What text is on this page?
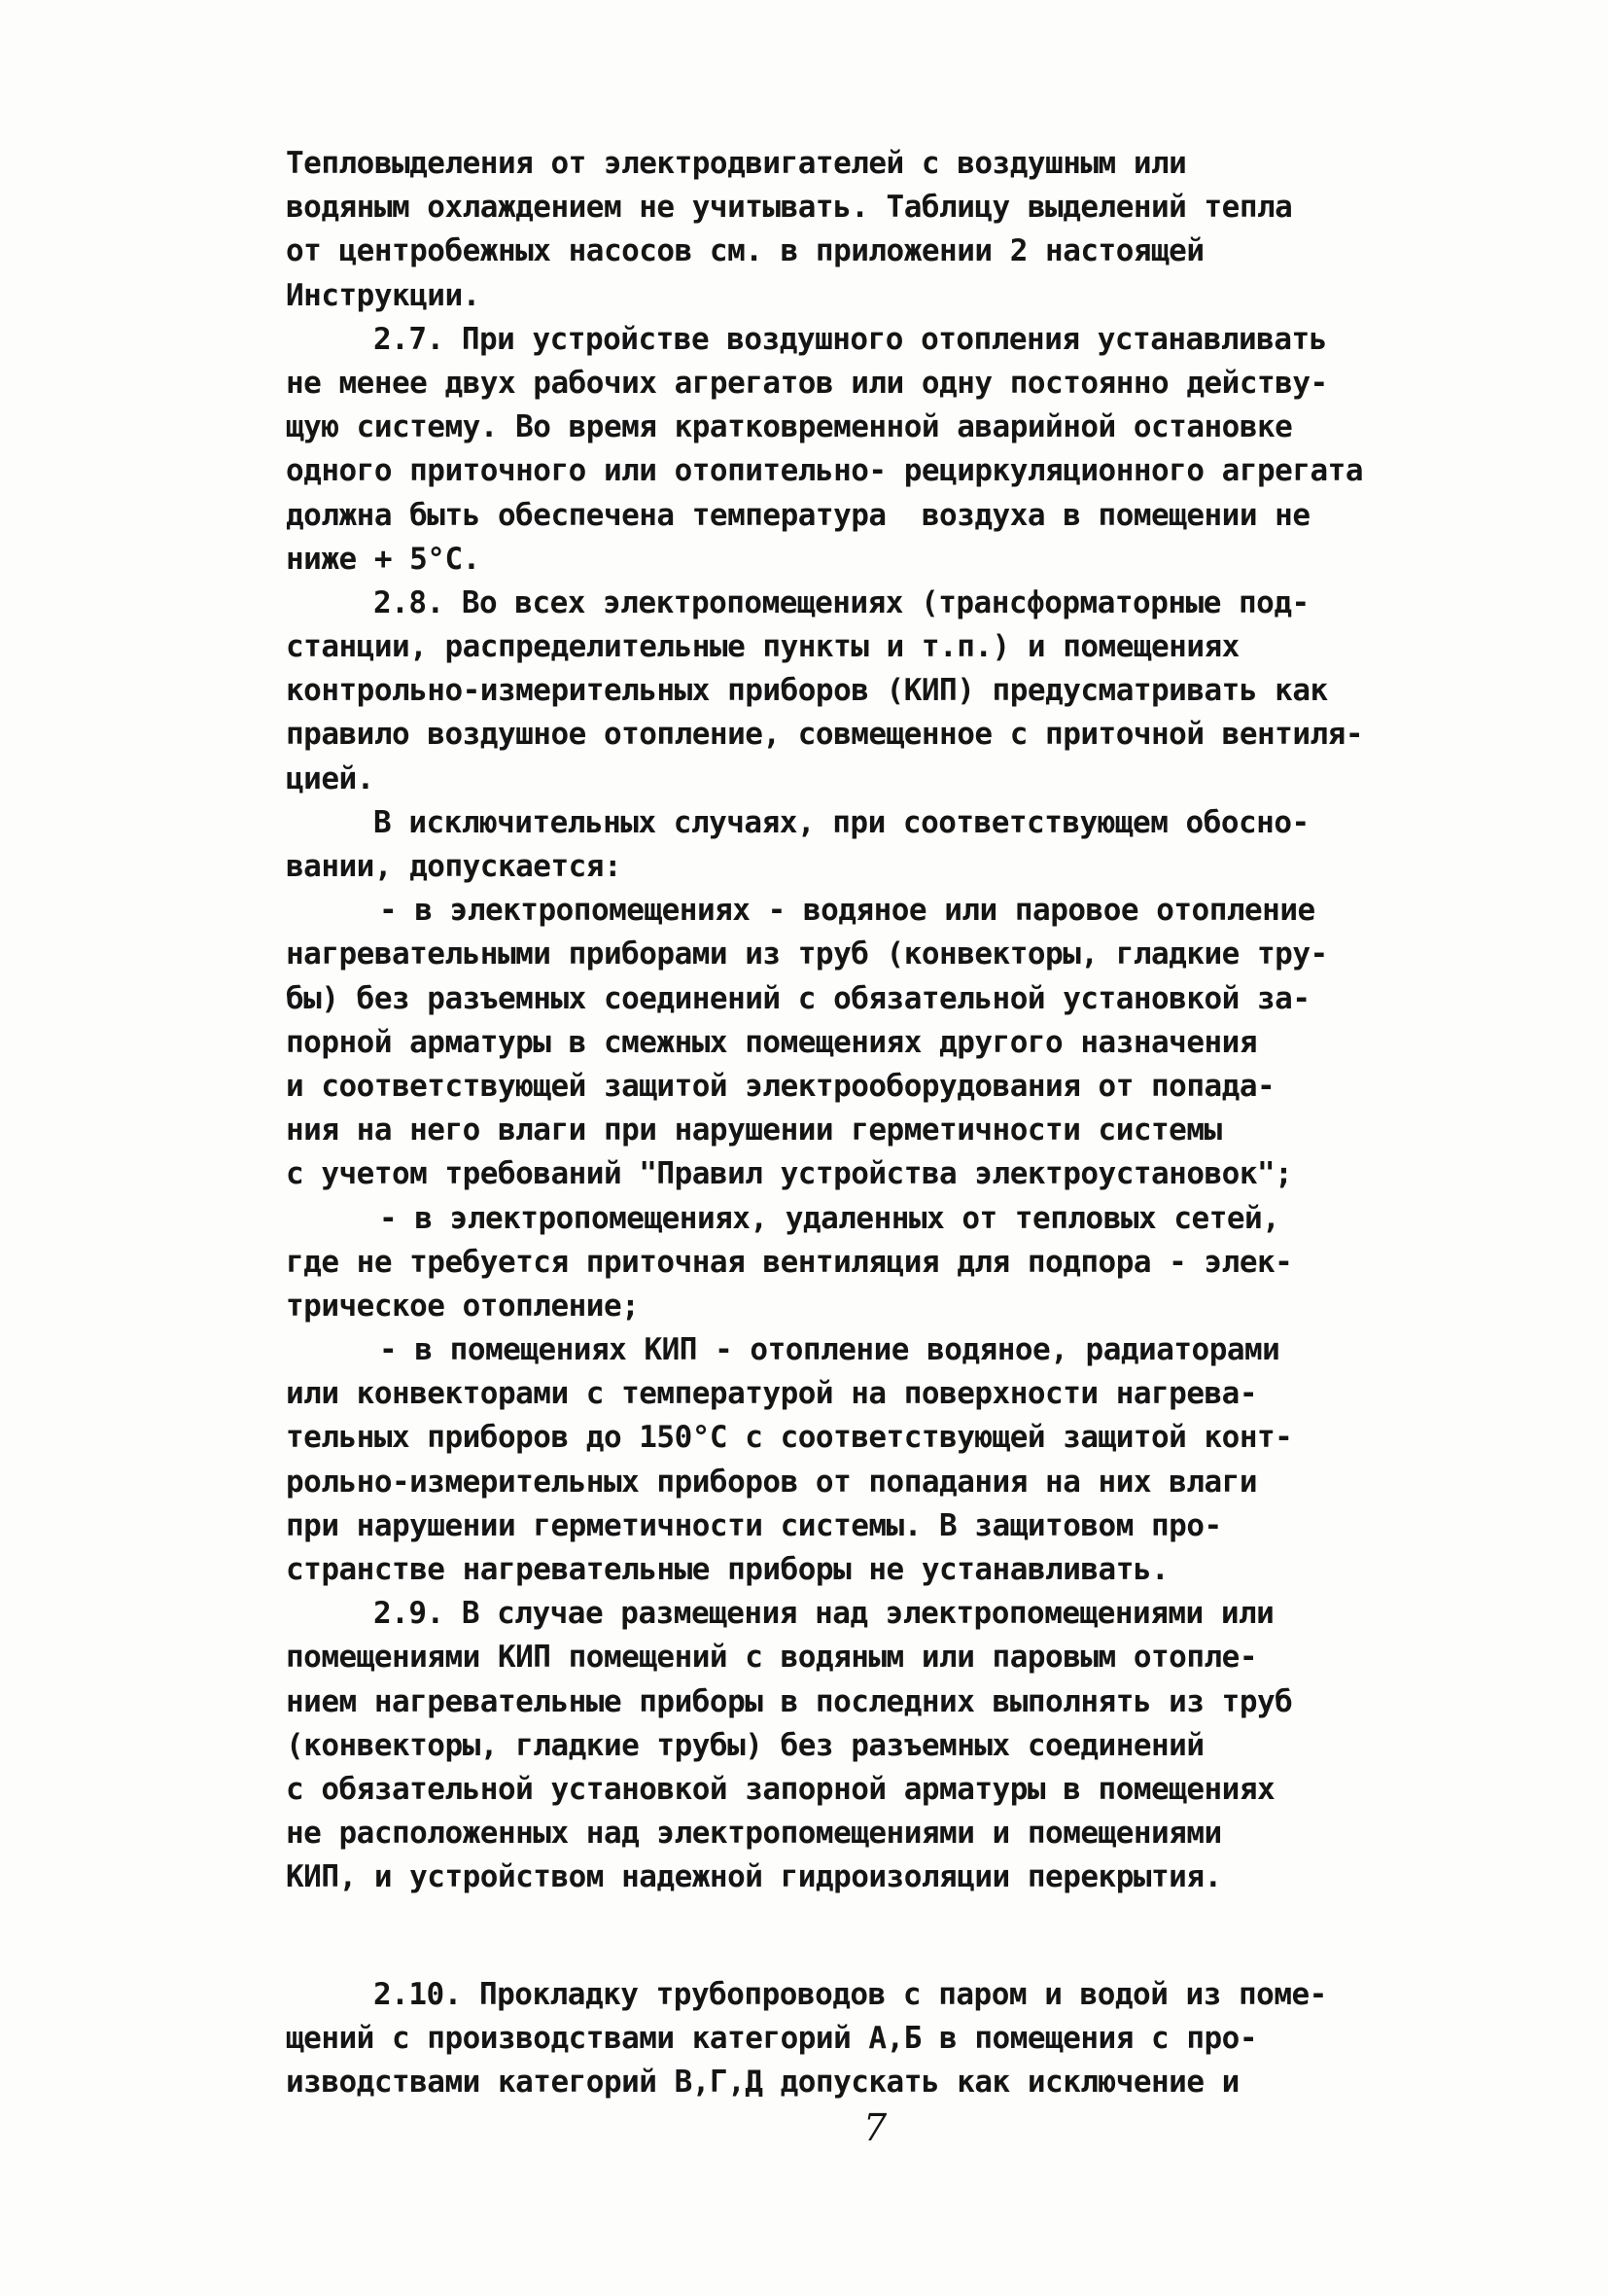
Тепловыделения от электродвигателей с воздушным или
водяным охлаждением не учитывать. Таблицу выделений тепла
от центробежных насосов см. в приложении 2 настоящей
Инструкции.
2.7. При устройстве воздушного отопления устанавливать
не менее двух рабочих агрегатов или одну постоянно действу-
щую систему. Во время кратковременной аварийной остановке
одного приточного или отопительно- рециркуляционного агрегата
должна быть обеспечена температура  воздуха в помещении не
ниже + 5°С.
2.8. Во всех электропомещениях (трансформаторные под-
станции, распределительные пункты и т.п.) и помещениях
контрольно-измерительных приборов (КИП) предусматривать как
правило воздушное отопление, совмещенное с приточной вентиля-
цией.
В исключительных случаях, при соответствующем обосно-
вании, допускается:
- в электропомещениях - водяное или паровое отопление
нагревательными приборами из труб (конвекторы, гладкие тру-
бы) без разъемных соединений с обязательной установкой за-
порной арматуры в смежных помещениях другого назначения
и соответствующей защитой электрооборудования от попада-
ния на него влаги при нарушении герметичности системы
с учетом требований "Правил устройства электроустановок";
- в электропомещениях, удаленных от тепловых сетей,
где не требуется приточная вентиляция для подпора - элек-
трическое отопление;
- в помещениях КИП - отопление водяное, радиаторами
или конвекторами с температурой на поверхности нагрева-
тельных приборов до 150°С с соответствующей защитой конт-
рольно-измерительных приборов от попадания на них влаги
при нарушении герметичности системы. В защитовом про-
странстве нагревательные приборы не устанавливать.
2.9. В случае размещения над электропомещениями или
помещениями КИП помещений с водяным или паровым отопле-
нием нагревательные приборы в последних выполнять из труб
(конвекторы, гладкие трубы) без разъемных соединений
с обязательной установкой запорной арматуры в помещениях
не расположенных над электропомещениями и помещениями
КИП, и устройством надежной гидроизоляции перекрытия.
2.10. Прокладку трубопроводов с паром и водой из поме-
щений с производствами категорий А,Б в помещения с про-
изводствами категорий В,Г,Д допускать как исключение и
7
